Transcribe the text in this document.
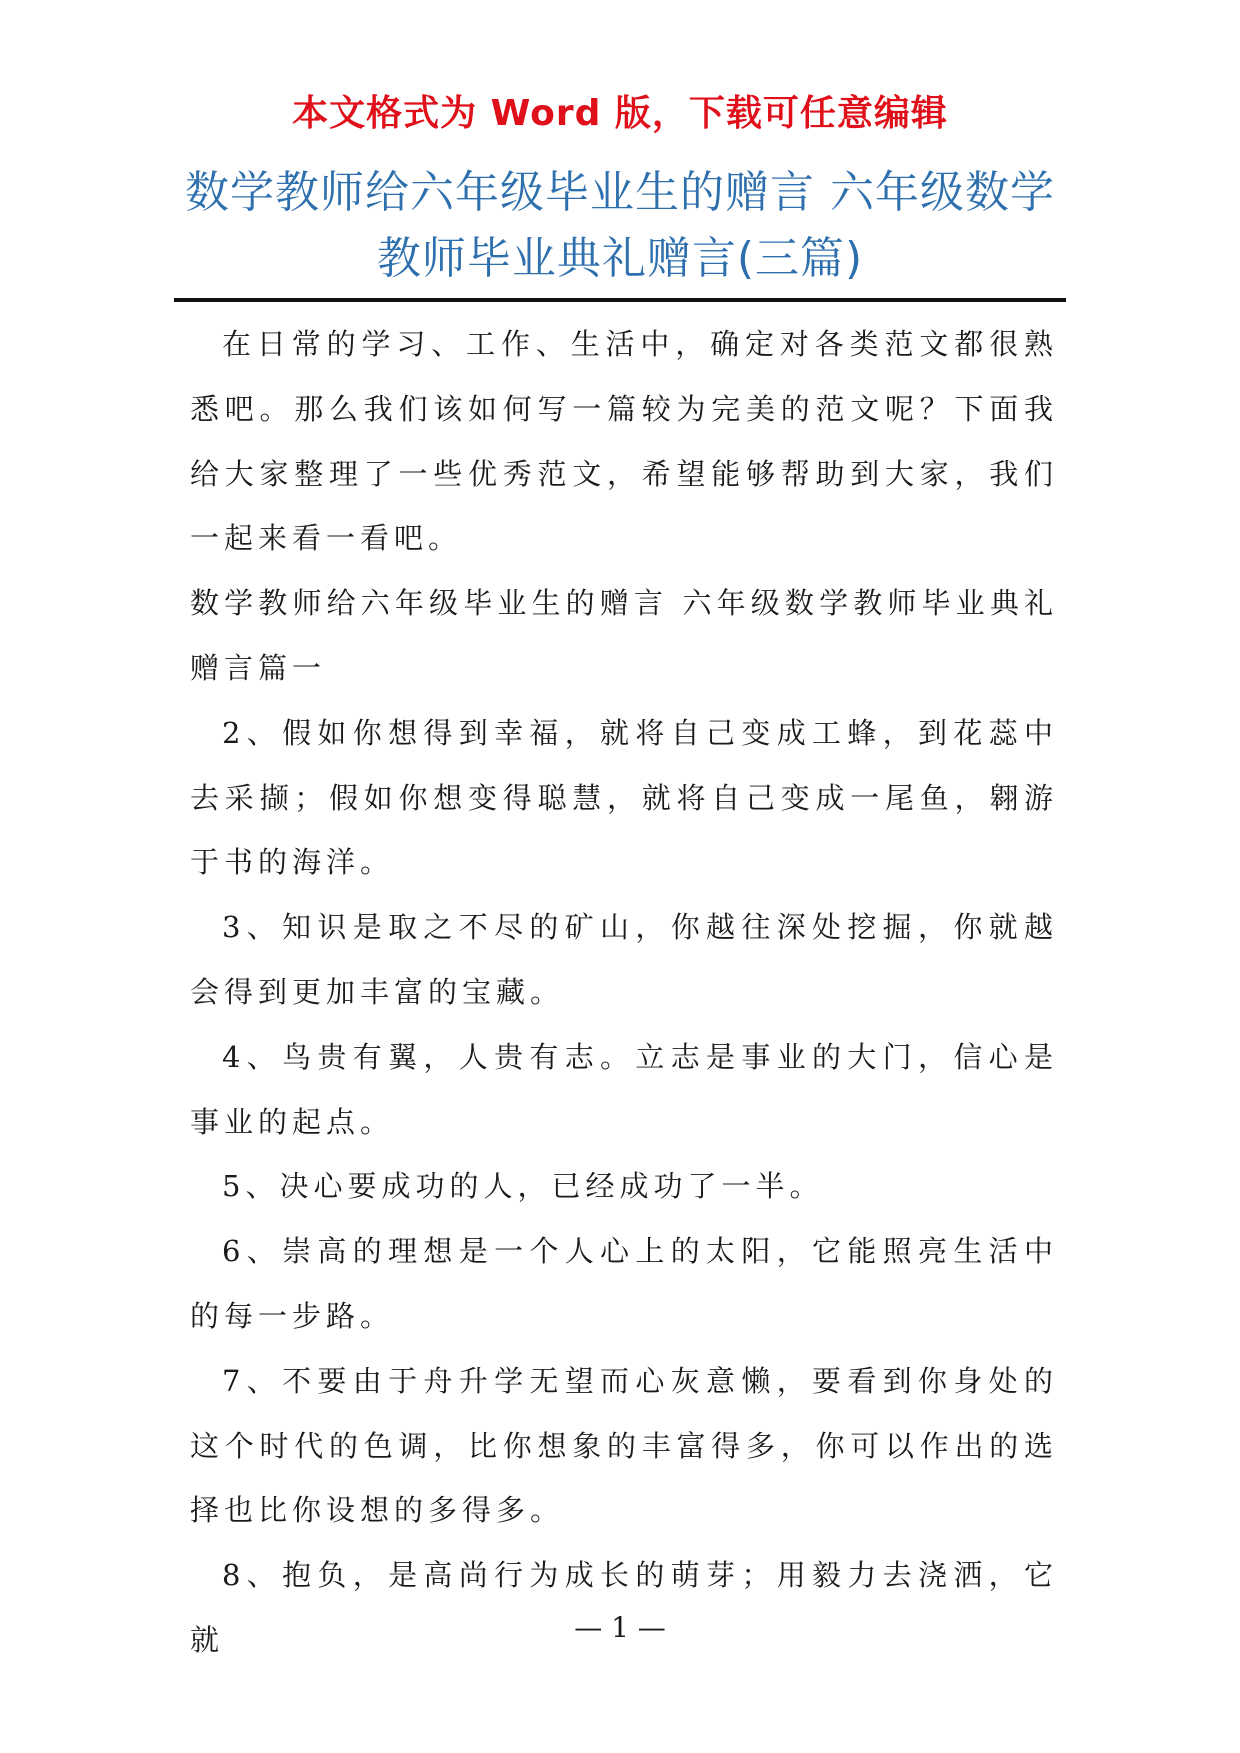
本文格式为 Word 版，下载可任意编辑
数学教师给六年级毕业生的赠言 六年级数学教师毕业典礼赠言(三篇)

在日常的学习、工作、生活中，确定对各类范文都很熟悉吧。那么我们该如何写一篇较为完美的范文呢？下面我给大家整理了一些优秀范文，希望能够帮助到大家，我们一起来看一看吧。

数学教师给六年级毕业生的赠言 六年级数学教师毕业典礼赠言篇一

2、假如你想得到幸福，就将自己变成工蜂，到花蕊中去采撷；假如你想变得聪慧，就将自己变成一尾鱼，翱游于书的海洋。

3、知识是取之不尽的矿山，你越往深处挖掘，你就越会得到更加丰富的宝藏。

4、鸟贵有翼，人贵有志。立志是事业的大门，信心是事业的起点。

5、决心要成功的人，已经成功了一半。

6、崇高的理想是一个人心上的太阳，它能照亮生活中的每一步路。

7、不要由于舟升学无望而心灰意懒，要看到你身处的这个时代的色调，比你想象的丰富得多，你可以作出的选择也比你设想的多得多。

8、抱负，是高尚行为成长的萌芽；用毅力去浇洒，它就	— 1 —
